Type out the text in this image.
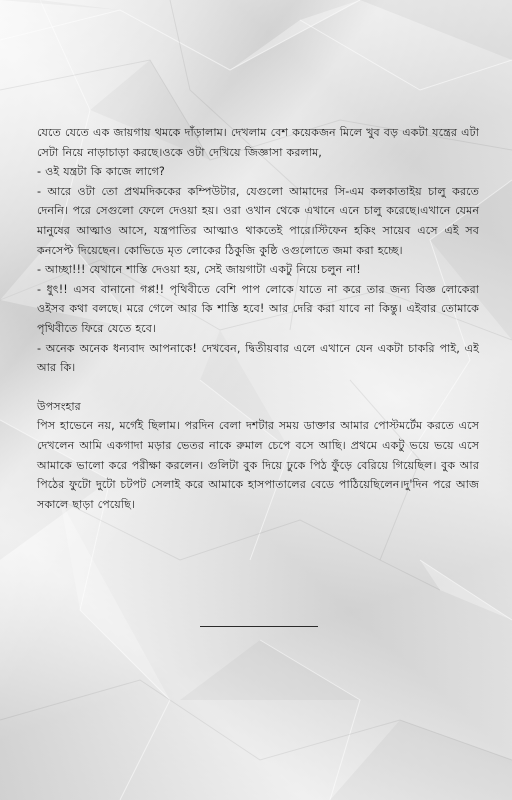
যেতে যেতে এক জায়গায় থমকে দাঁড়ালাম। দেখলাম বেশ কয়েকজন মিলে খুব বড় একটা যন্ত্রের এটা সেটা নিয়ে নাড়াচাড়া করছে।ওকে ওটা দেখিয়ে জিজ্ঞাসা করলাম,

- ওই যন্ত্রটা কি কাজে লাগে?

- আরে ওটা তো প্রথমদিককের কম্পিউটার, যেগুলো আমাদের সি-এম কলকাতাইয় চালু করতে দেননি। পরে সেগুলো ফেলে দেওয়া হয়। ওরা ওখান থেকে এখানে এনে চালু করেছে।এখানে যেমন মানুষের আত্মাও আসে, যন্ত্রপাতির আত্মাও থাকতেই পারে।স্টিফেন হকিং সায়েব এসে এই সব কনসেপ্ট দিয়েছেন। কোভিডে মৃত লোকের ঠিকুজি কুষ্ঠি ওগুলোতে জমা করা হচ্ছে।

- আচ্ছা!!! যেখানে শাস্তি দেওয়া হয়, সেই জায়গাটা একটু নিয়ে চলুন না!

- ধুৎ!! এসব বানানো গপ্প!! পৃথিবীতে বেশি পাপ লোকে যাতে না করে তার জন্য বিজ্ঞ লোকেরা ওইসব কথা বলছে। মরে গেলে আর কি শাস্তি হবে! আর দেরি করা যাবে না কিন্তু। এইবার তোমাকে পৃথিবীতে ফিরে যেতে হবে।

- অনেক অনেক ধন্যবাদ আপনাকে! দেখবেন, দ্বিতীয়বার এলে এখানে যেন একটা চাকরি পাই, এই আর কি।

উপসংহার

পিস হাভেনে নয়, মর্গেই ছিলাম। পরদিন বেলা দশটার সময় ডাক্তার আমার পোস্টমর্টেম করতে এসে দেখলেন আমি একগাদা মড়ার ভেতর নাকে রুমাল চেপে বসে আছি। প্রথমে একটু ভয়ে ভয়ে এসে আমাকে ভালো করে পরীক্ষা করলেন। গুলিটা বুক দিয়ে ঢুকে পিঠ ফুঁড়ে বেরিয়ে গিয়েছিল। বুক আর পিঠের ফুটো দুটো চটপট সেলাই করে আমাকে হাসপাতালের বেডে পাঠিয়েছিলেন।দু'দিন পরে আজ সকালে ছাড়া পেয়েছি।
